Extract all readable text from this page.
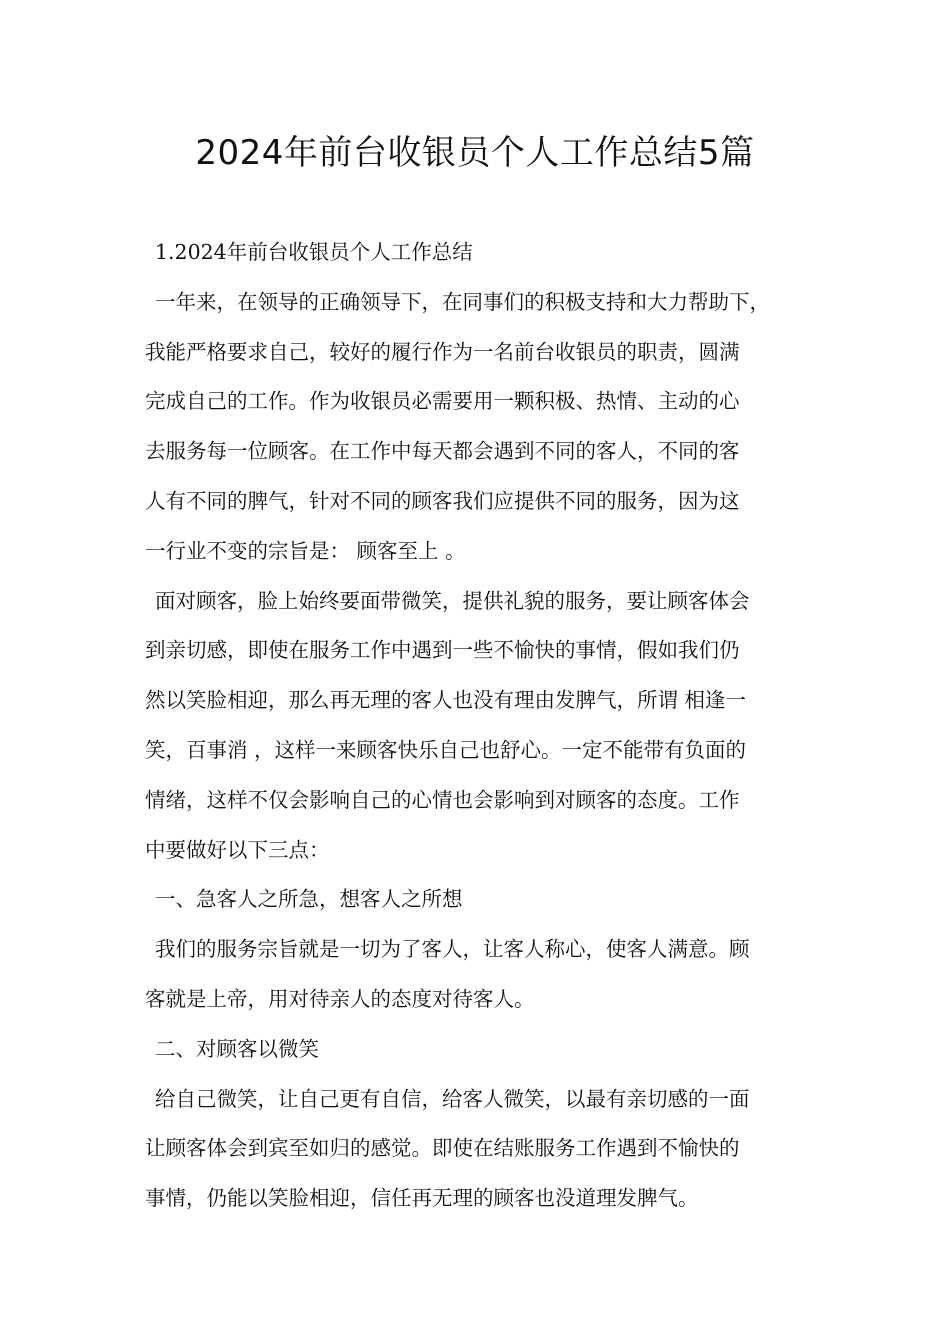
2024年前台收银员个人工作总结5篇
1.2024年前台收银员个人工作总结
一年来，在领导的正确领导下，在同事们的积极支持和大力帮助下，
我能严格要求自己，较好的履行作为一名前台收银员的职责，圆满
完成自己的工作。作为收银员必需要用一颗积极、热情、主动的心
去服务每一位顾客。在工作中每天都会遇到不同的客人，不同的客
人有不同的脾气，针对不同的顾客我们应提供不同的服务，因为这
一行业不变的宗旨是： 顾客至上 。
面对顾客，脸上始终要面带微笑，提供礼貌的服务，要让顾客体会
到亲切感，即使在服务工作中遇到一些不愉快的事情，假如我们仍
然以笑脸相迎，那么再无理的客人也没有理由发脾气，所谓 相逢一
笑，百事消 ，这样一来顾客快乐自己也舒心。一定不能带有负面的
情绪，这样不仅会影响自己的心情也会影响到对顾客的态度。工作
中要做好以下三点：
一、急客人之所急，想客人之所想
我们的服务宗旨就是一切为了客人，让客人称心，使客人满意。顾
客就是上帝，用对待亲人的态度对待客人。
二、对顾客以微笑
给自己微笑，让自己更有自信，给客人微笑，以最有亲切感的一面
让顾客体会到宾至如归的感觉。即使在结账服务工作遇到不愉快的
事情，仍能以笑脸相迎，信任再无理的顾客也没道理发脾气。
